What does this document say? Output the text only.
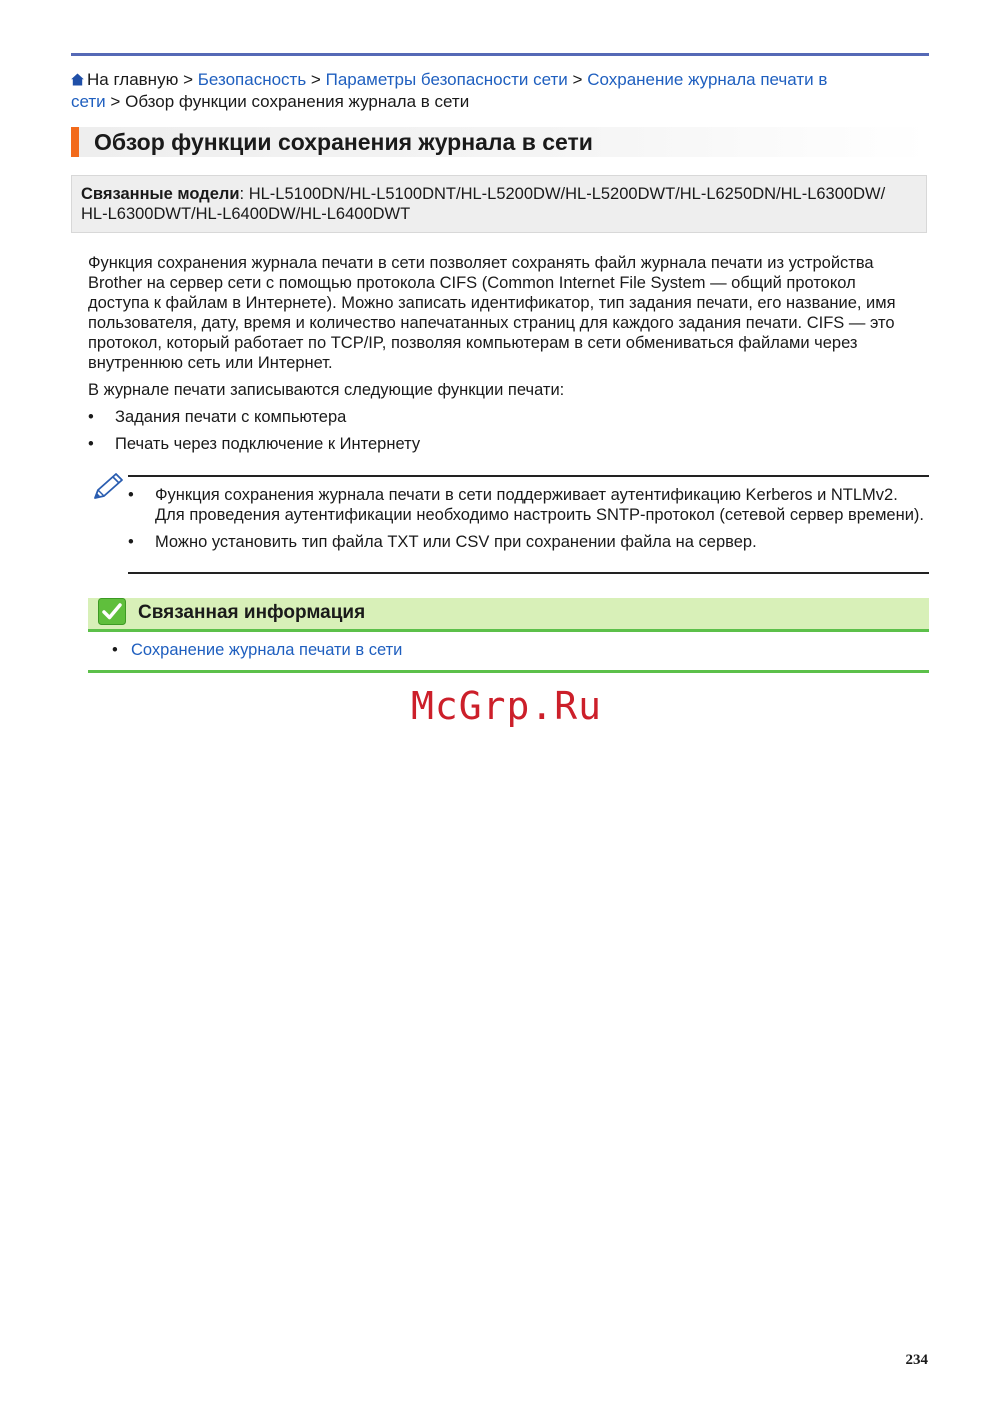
На главную > Безопасность > Параметры безопасности сети > Сохранение журнала печати в
сети > Обзор функции сохранения журнала в сети
Обзор функции сохранения журнала в сети
Связанные модели: HL-L5100DN/HL-L5100DNT/HL-L5200DW/HL-L5200DWT/HL-L6250DN/HL-L6300DW/
HL-L6300DWT/HL-L6400DW/HL-L6400DWT

Функция сохранения журнала печати в сети позволяет сохранять файл журнала печати из устройства Brother на сервер сети с помощью протокола CIFS (Common Internet File System — общий протокол доступа к файлам в Интернете). Можно записать идентификатор, тип задания печати, его название, имя пользователя, дату, время и количество напечатанных страниц для каждого задания печати. CIFS — это протокол, который работает по TCP/IP, позволяя компьютерам в сети обмениваться файлами через внутреннюю сеть или Интернет.

В журнале печати записываются следующие функции печати:

• Задания печати с компьютера
• Печать через подключение к Интернету
• Функция сохранения журнала печати в сети поддерживает аутентификацию Kerberos и NTLMv2. Для проведения аутентификации необходимо настроить SNTP-протокол (сетевой сервер времени).
• Можно установить тип файла TXT или CSV при сохранении файла на сервер.
Связанная информация
• Сохранение журнала печати в сети
McGrp.Ru
234
